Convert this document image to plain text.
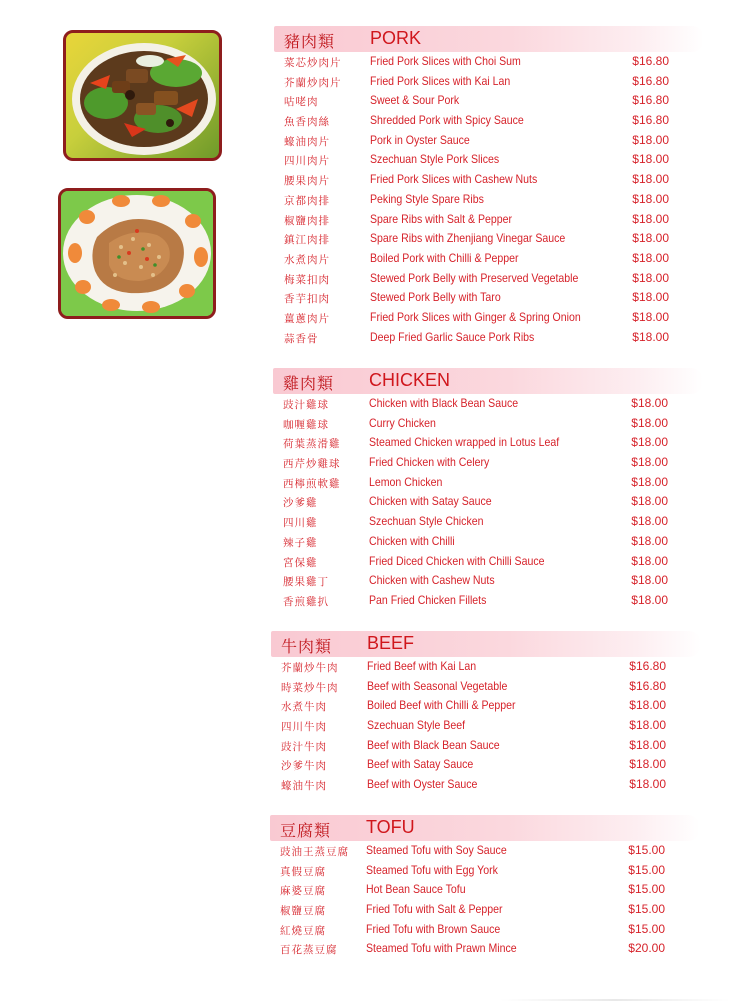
豬肉類 PORK
菜芯炒肉片 Fried Pork Slices with Choi Sum	$16.80
芥蘭炒肉片 Fried Pork Slices with Kai Lan	$16.80
咕咾肉	Sweet & Sour Pork	$16.80
魚香肉絲	Shredded Pork with Spicy Sauce	$16.80
蠔油肉片	Pork in Oyster Sauce	$18.00
四川肉片	Szechuan Style Pork Slices	$18.00
腰果肉片	Fried Pork Slices with Cashew Nuts	$18.00
京都肉排	Peking Style Spare Ribs	$18.00
椒鹽肉排	Spare Ribs with Salt & Pepper	$18.00
鎮江肉排	Spare Ribs with Zhenjiang Vinegar Sauce	$18.00
水煮肉片	Boiled Pork with Chilli & Pepper	$18.00
梅菜扣肉	Stewed Pork Belly with Preserved Vegetable	$18.00
香芋扣肉	Stewed Pork Belly with Taro	$18.00
薑蔥肉片	Fried Pork Slices with Ginger & Spring Onion	$18.00
蒜香骨	Deep Fried Garlic Sauce Pork Ribs	$18.00
雞肉類 CHICKEN
豉汁雞球	Chicken with Black Bean Sauce	$18.00
咖喱雞球	Curry Chicken	$18.00
荷葉蒸滑雞 Steamed Chicken wrapped in Lotus Leaf	$18.00
西芹炒雞球 Fried Chicken with Celery	$18.00
西檸煎軟雞 Lemon Chicken	$18.00
沙爹雞	Chicken with Satay Sauce	$18.00
四川雞	Szechuan Style Chicken	$18.00
辣子雞	Chicken with Chilli	$18.00
宮保雞	Fried Diced Chicken with Chilli Sauce	$18.00
腰果雞丁	Chicken with Cashew Nuts	$18.00
香煎雞扒	Pan Fried Chicken Fillets	$18.00
牛肉類 BEEF
芥蘭炒牛肉 Fried Beef with Kai Lan	$16.80
時菜炒牛肉 Beef with Seasonal Vegetable	$16.80
水煮牛肉	Boiled Beef with Chilli & Pepper	$18.00
四川牛肉	Szechuan Style Beef	$18.00
豉汁牛肉	Beef with Black Bean Sauce	$18.00
沙爹牛肉	Beef with Satay Sauce	$18.00
蠔油牛肉	Beef with Oyster Sauce	$18.00
豆腐類 TOFU
豉油王蒸豆腐 Steamed Tofu with Soy Sauce	$15.00
真假豆腐	Steamed Tofu with Egg York	$15.00
麻婆豆腐	Hot Bean Sauce Tofu	$15.00
椒鹽豆腐	Fried Tofu with Salt & Pepper	$15.00
紅燒豆腐	Fried Tofu with Brown Sauce	$15.00
百花蒸豆腐 Steamed Tofu with Prawn Mince	$20.00
